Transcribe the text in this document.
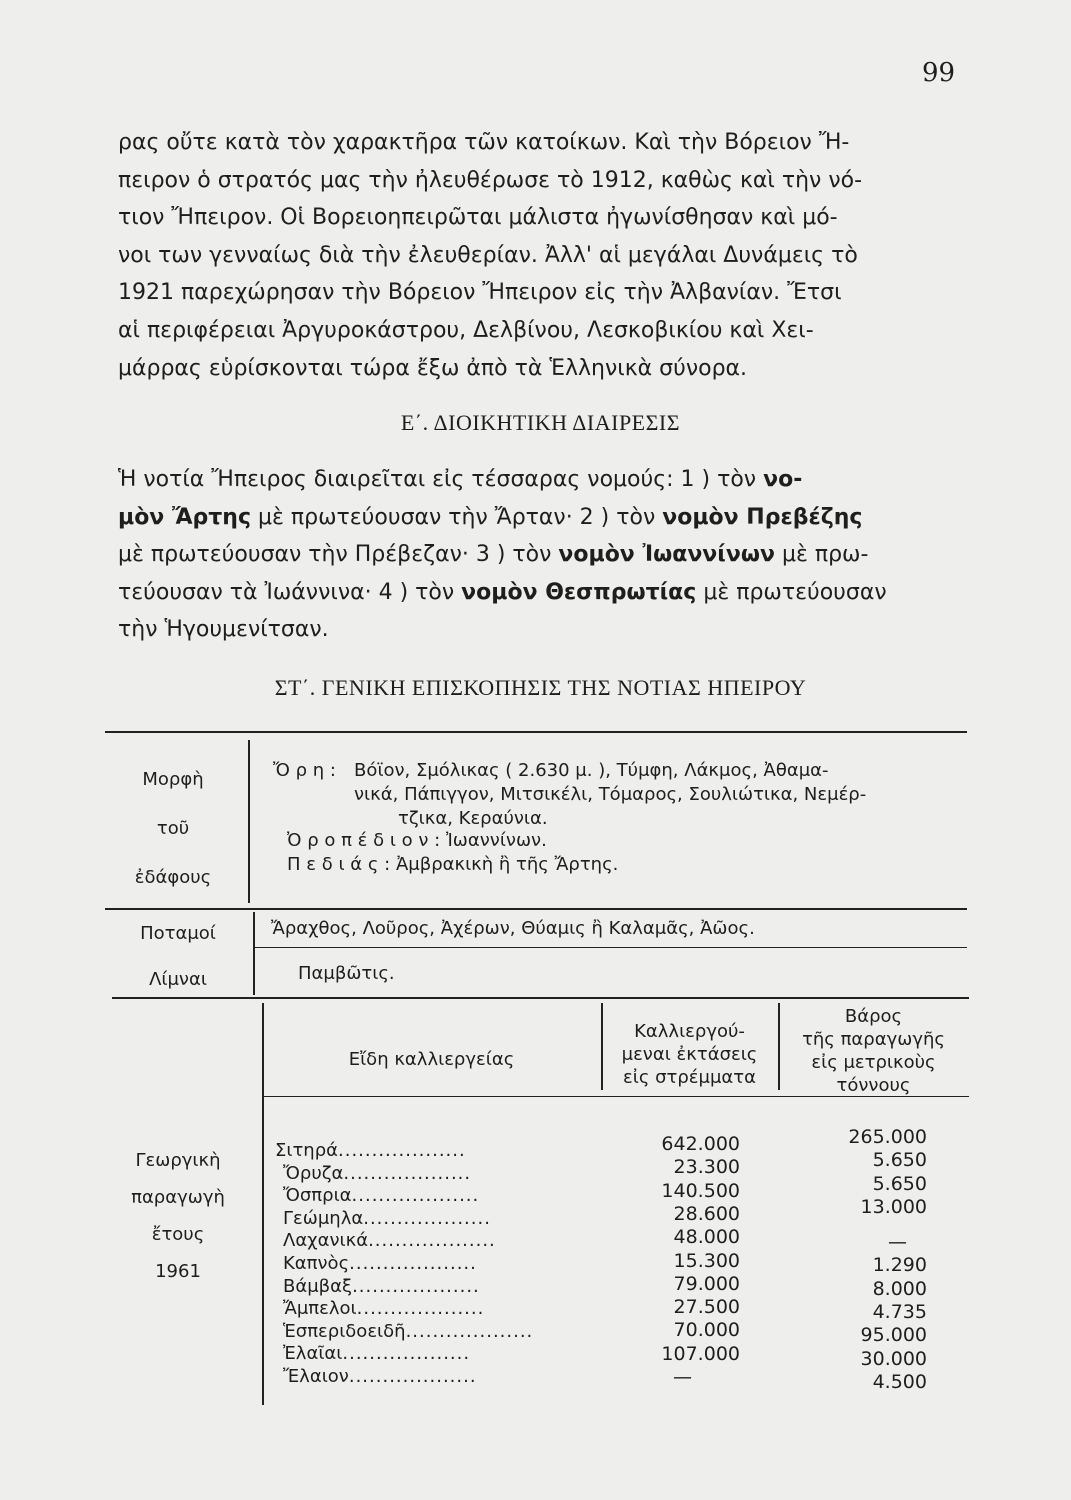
99
ρας οὔτε κατὰ τὸν χαρακτῆρα τῶν κατοίκων. Καὶ τὴν Βόρειον Ἤ-
πειρον ὁ στρατός μας τὴν ἠλευθέρωσε τὸ 1912, καθὼς καὶ τὴν νό-
τιον Ἤπειρον. Οἱ Βορειοηπειρῶται μάλιστα ἠγωνίσθησαν καὶ μό-
νοι των γενναίως διὰ τὴν ἐλευθερίαν. Ἀλλ' αἱ μεγάλαι Δυνάμεις τὸ
1921 παρεχώρησαν τὴν Βόρειον Ἤπειρον εἰς τὴν Ἀλβανίαν. Ἔτσι
αἱ περιφέρειαι Ἀργυροκάστρου, Δελβίνου, Λεσκοβικίου καὶ Χει-
μάρρας εὑρίσκονται τώρα ἔξω ἀπὸ τὰ Ἑλληνικὰ σύνορα.
Ε΄. ΔΙΟΙΚΗΤΙΚΗ ΔΙΑΙΡΕΣΙΣ
Ἡ νοτία Ἤπειρος διαιρεῖται εἰς τέσσαρας νομούς: 1 ) τὸν νο-
μὸν Ἄρτης μὲ πρωτεύουσαν τὴν Ἄρταν· 2 ) τὸν νομὸν Πρεβέζης
μὲ πρωτεύουσαν τὴν Πρέβεζαν· 3 ) τὸν νομὸν Ἰωαννίνων μὲ πρω-
τεύουσαν τὰ Ἰωάννινα· 4 ) τὸν νομὸν Θεσπρωτίας μὲ πρωτεύουσαν
τὴν Ἡγουμενίτσαν.
ΣΤ΄. ΓΕΝΙΚΗ ΕΠΙΣΚΟΠΗΣΙΣ ΤΗΣ ΝΟΤΙΑΣ ΗΠΕΙΡΟΥ
Μορφὴ
τοῦ
ἐδάφους
Ὄ ρ η : Βόϊον, Σμόλικας ( 2.630 μ. ), Τύμφη, Λάκμος, Ἀθαμα-
νικά, Πάπιγγον, Μιτσικέλι, Τόμαρος, Σουλιώτικα, Νεμέρ-
τζικα, Κεραύνια.
Ὀ ρ ο π έ δ ι ο ν : Ἰωαννίνων.
Π ε δ ι ά ς : Ἀμβρακικὴ ἢ τῆς Ἄρτης.
Ποταμοί	Ἄραχθος, Λοῦρος, Ἀχέρων, Θύαμις ἢ Καλαμᾶς, Ἀῶος.
Λίμναι	Παμβῶτις.
Εἴδη καλλιεργείας
Καλλιεργού-
μεναι ἐκτάσεις
εἰς στρέμματα
Βάρος
τῆς παραγωγῆς
εἰς μετρικοὺς
τόννους
Γεωργικὴ
παραγωγὴ
ἔτους
1961
Σιτηρά...................
Ὄρυζα...................
Ὄσπρια...................
Γεώμηλα...................
Λαχανικά...................
Καπνὸς...................
Βάμβαξ...................
Ἄμπελοι...................
Ἑσπεριδοειδῆ...................
Ἐλαῖαι...................
Ἔλαιον...................
642.000
23.300
140.500
28.600
48.000
15.300
79.000
27.500
70.000
107.000
—
265.000
5.650
5.650
13.000
—
1.290
8.000
4.735
95.000
30.000
4.500
